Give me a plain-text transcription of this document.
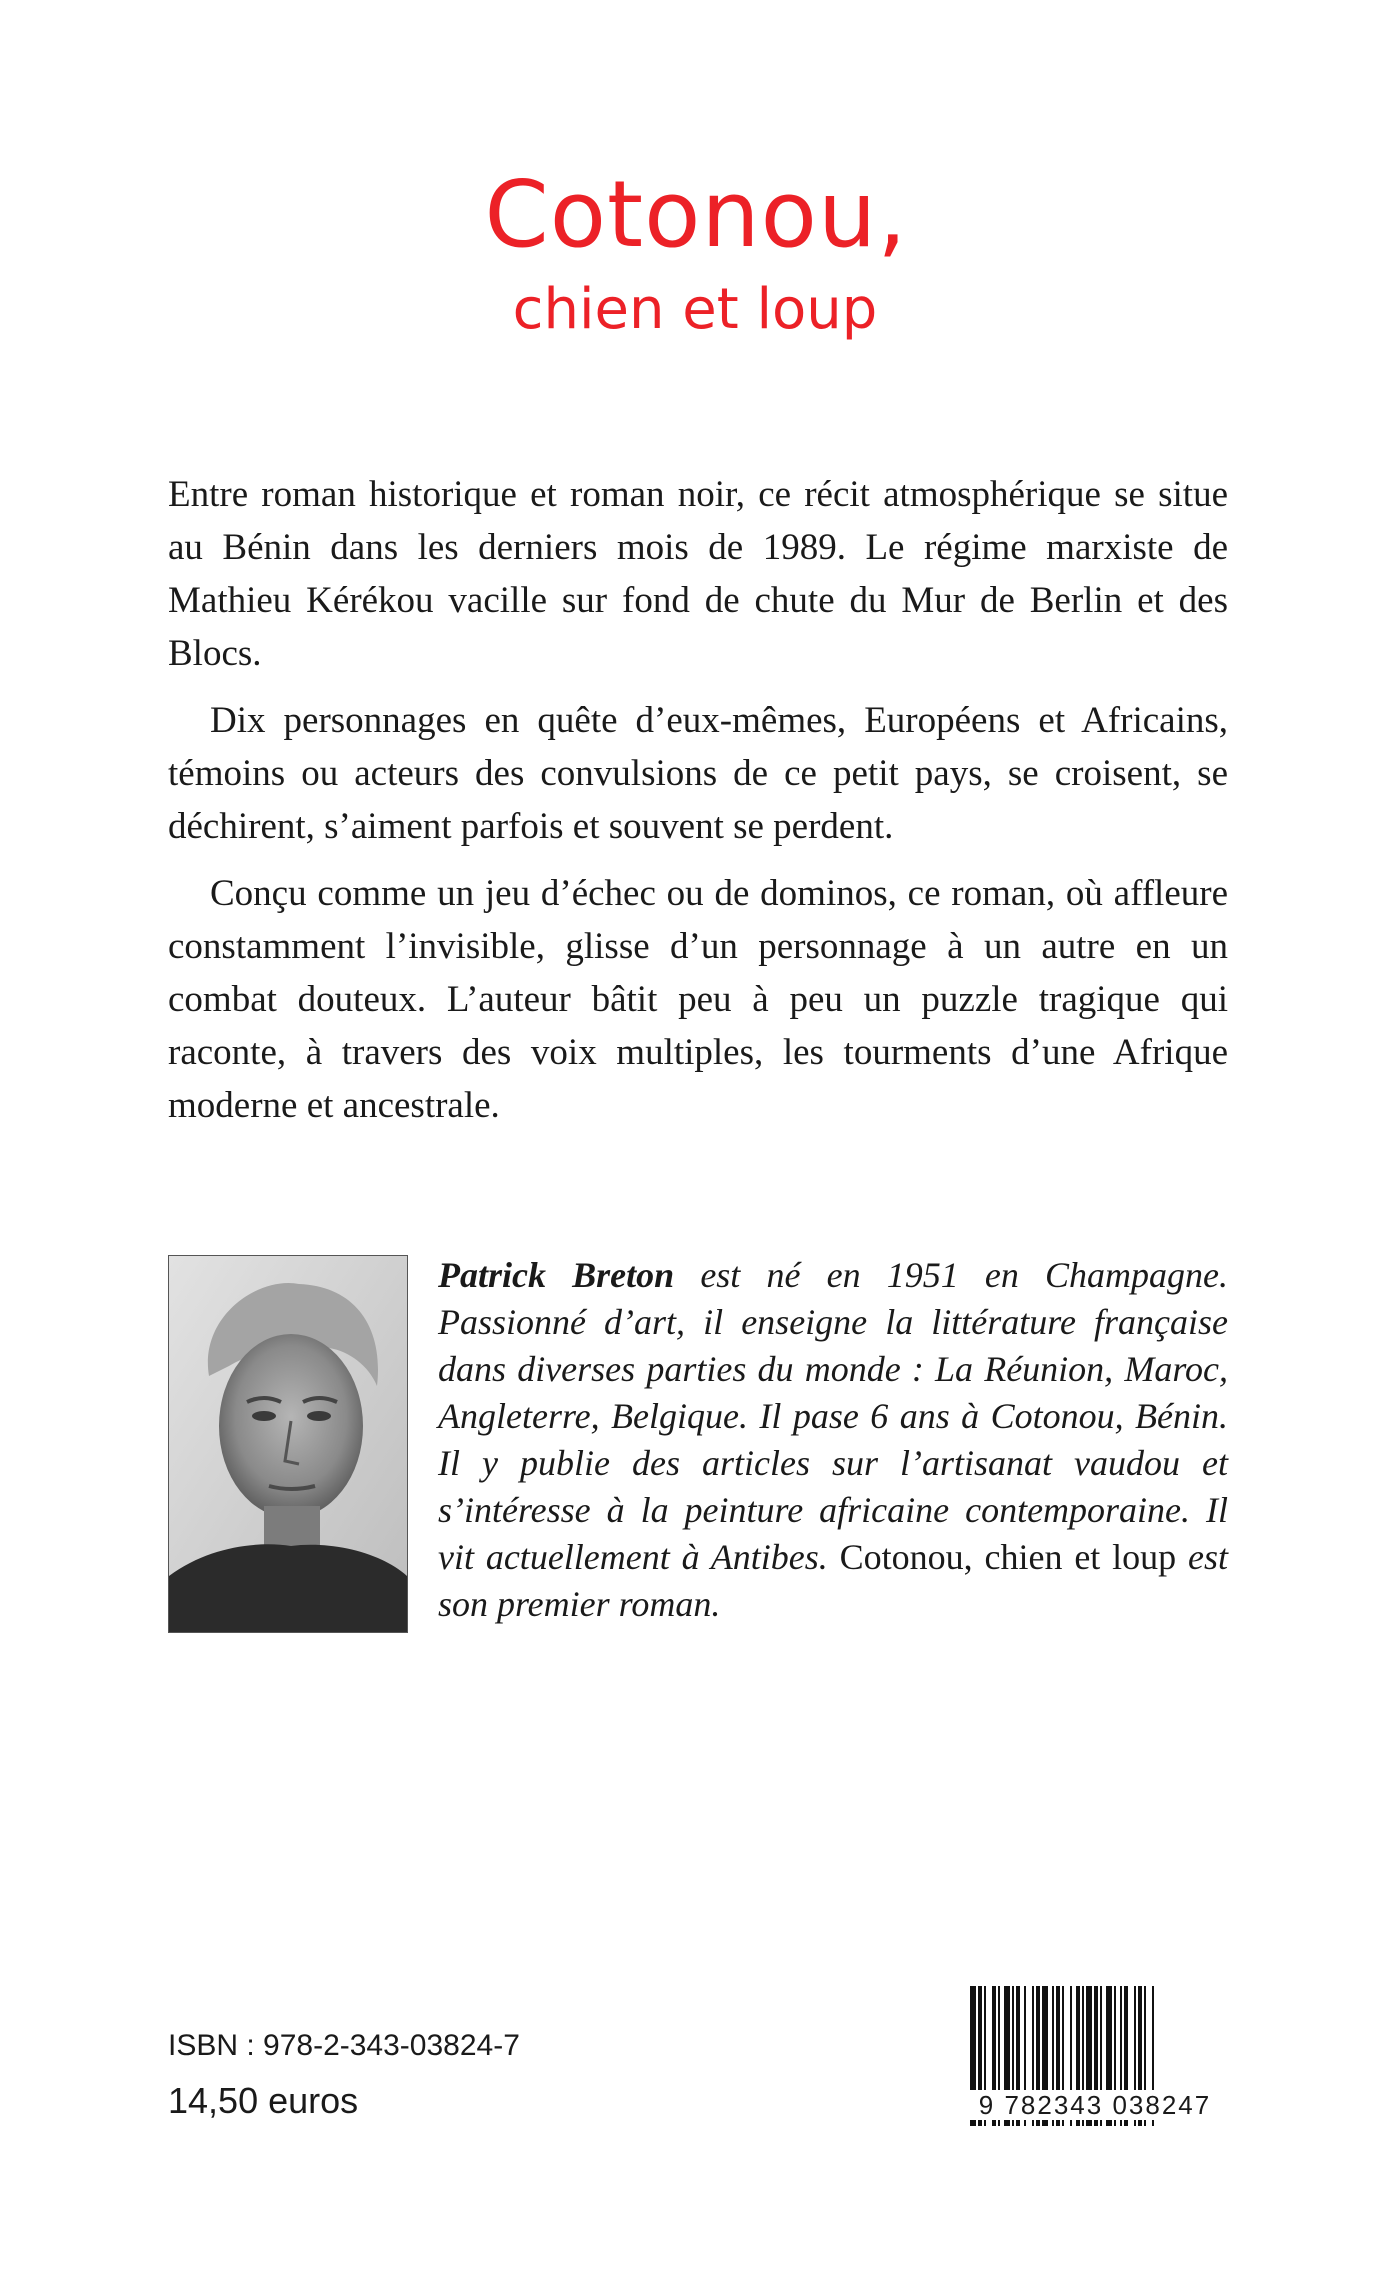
Cotonou,
chien et loup

Entre roman historique et roman noir, ce récit atmosphérique se situe au Bénin dans les derniers mois de 1989. Le régime marxiste de Mathieu Kérékou vacille sur fond de chute du Mur de Berlin et des Blocs.

Dix personnages en quête d’eux-mêmes, Européens et Africains, témoins ou acteurs des convulsions de ce petit pays, se croisent, se déchirent, s’aiment parfois et souvent se perdent.

Conçu comme un jeu d’échec ou de dominos, ce roman, où affleure constamment l’invisible, glisse d’un personnage à un autre en un combat douteux. L’auteur bâtit peu à peu un puzzle tragique qui raconte, à travers des voix multiples, les tourments d’une Afrique moderne et ancestrale.

Patrick Breton est né en 1951 en Champagne. Passionné d’art, il enseigne la littérature française dans diverses parties du monde : La Réunion, Maroc, Angleterre, Belgique. Il pase 6 ans à Cotonou, Bénin. Il y publie des articles sur l’artisanat vaudou et s’intéresse à la peinture africaine contemporaine. Il vit actuellement à Antibes. Cotonou, chien et loup est son premier roman.
ISBN : 978-2-343-03824-7
14,50 euros	9 782343 038247
